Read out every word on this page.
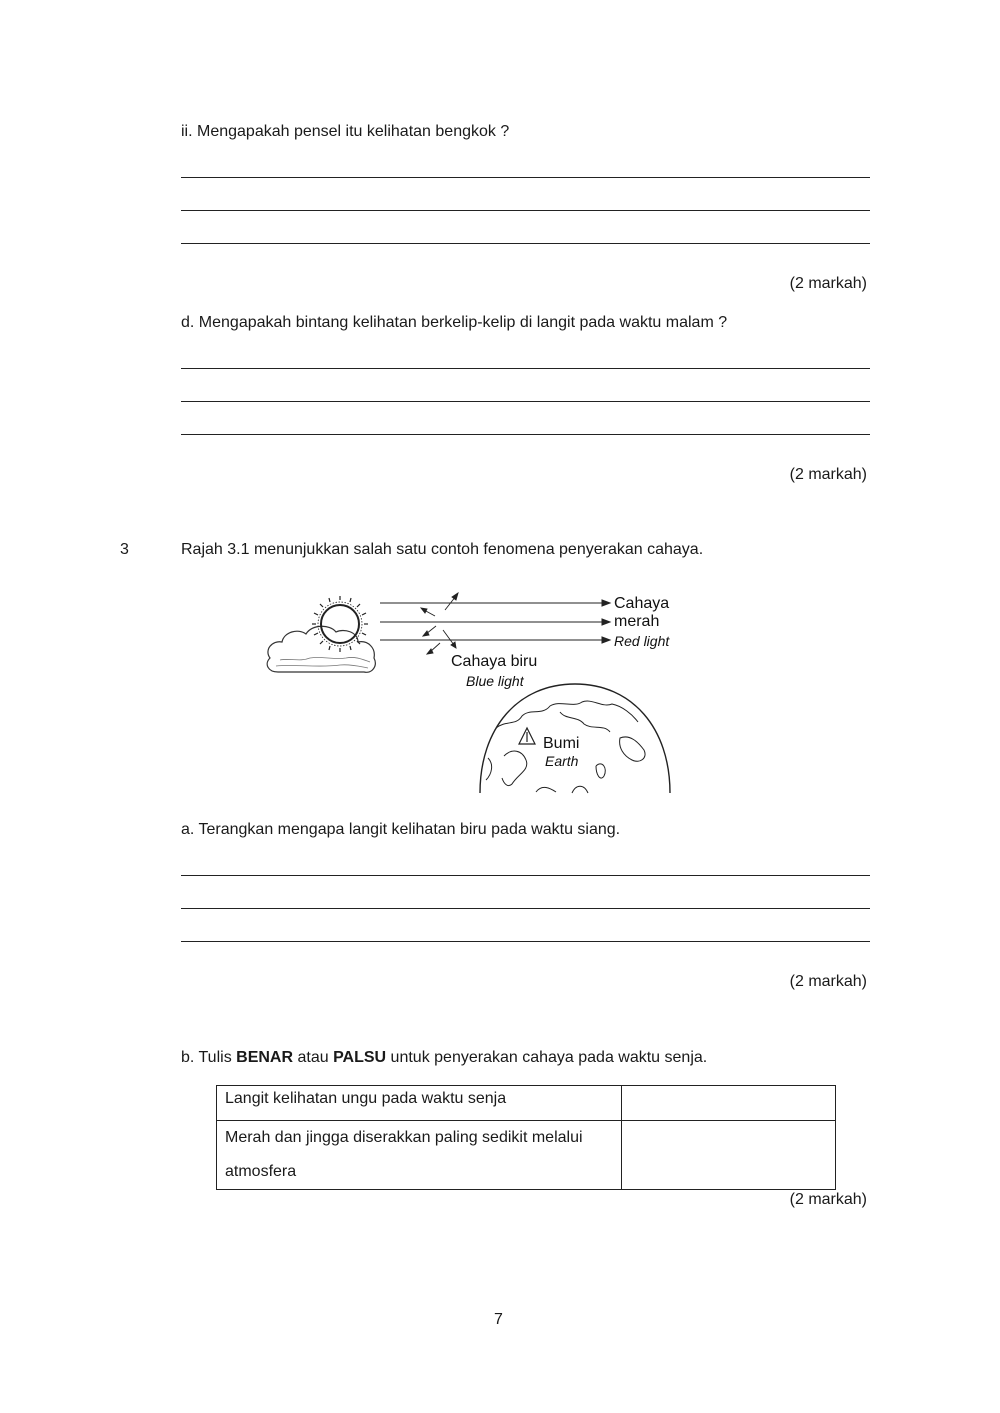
ii. Mengapakah pensel itu kelihatan bengkok ?
(2 markah)
d. Mengapakah bintang kelihatan berkelip-kelip di langit pada waktu malam ?
(2 markah)
3	Rajah 3.1 menunjukkan salah satu contoh fenomena penyerakan cahaya.
Cahaya
merah
Red light
Cahaya biru
Blue light
Bumi
Earth
a. Terangkan mengapa langit kelihatan biru pada waktu siang.
(2 markah)
b. Tulis BENAR atau PALSU untuk penyerakan cahaya pada waktu senja.
Langit kelihatan ungu pada waktu senja	
Merah dan jingga diserakkan paling sedikit melalui
atmosfera	
(2 markah)
7
